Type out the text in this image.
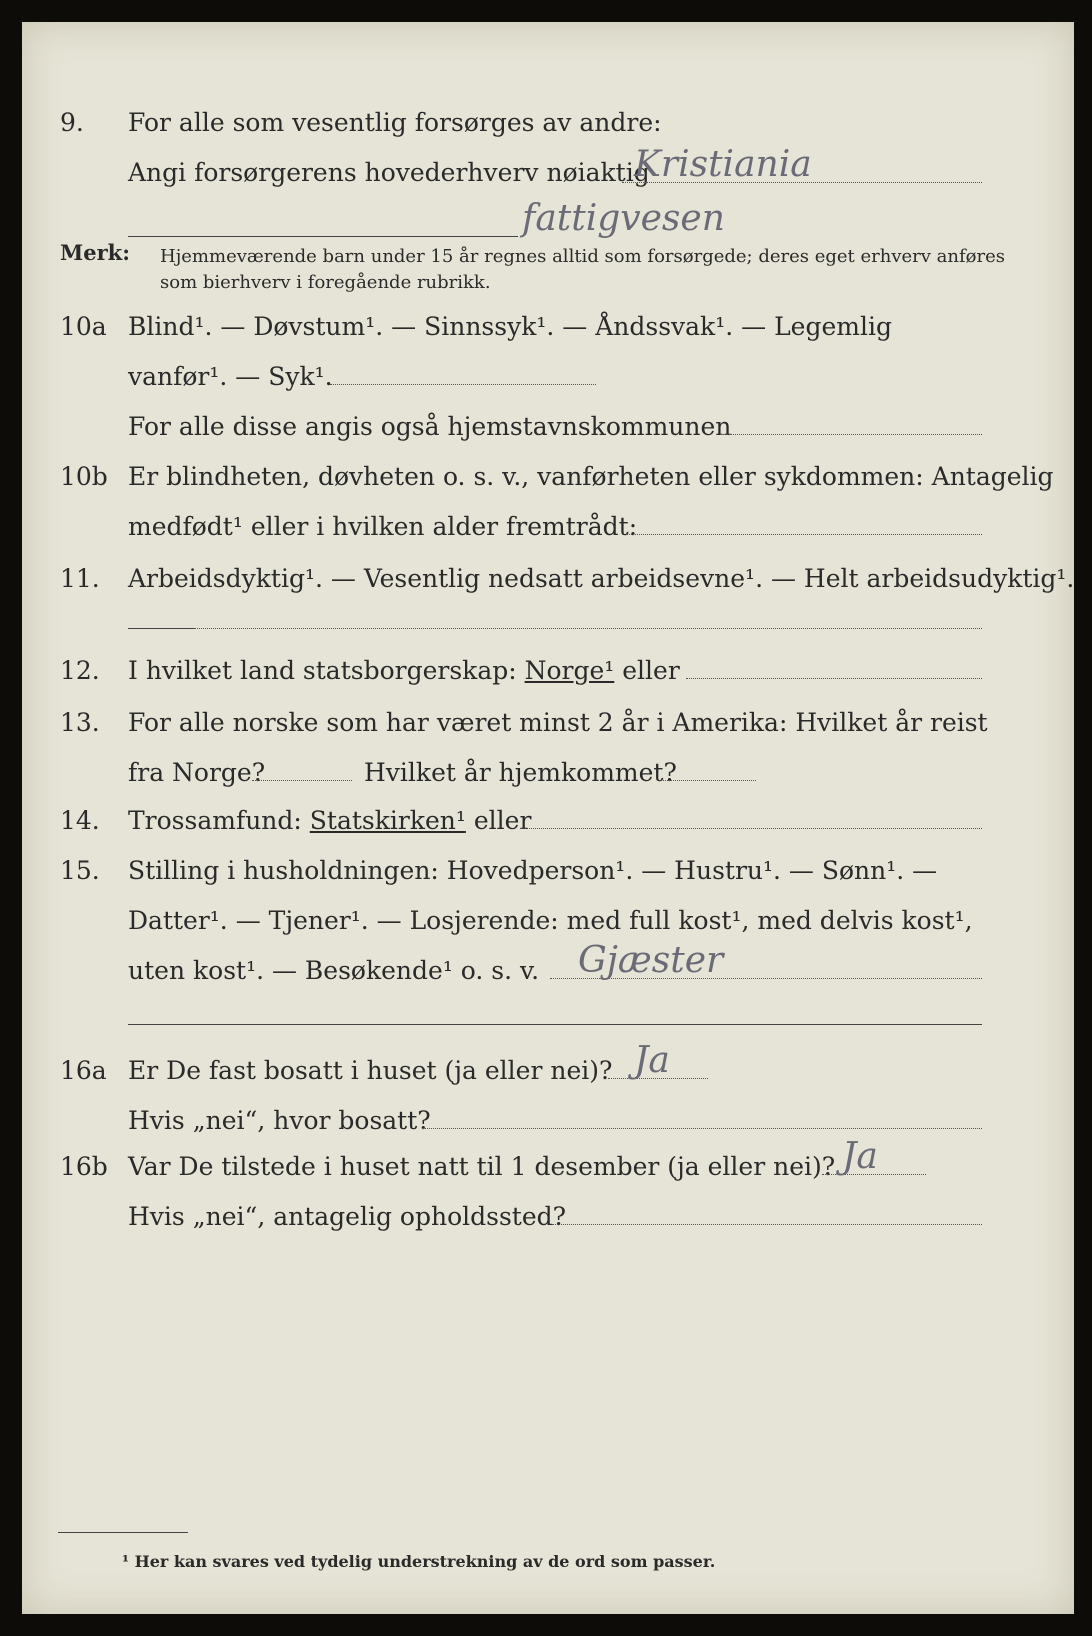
9. For alle som vesentlig forsørges av andre:
Angi forsørgerens hovederhverv nøiaktig
Kristiania
fattigvesen
Merk: Hjemmeværende barn under 15 år regnes alltid som forsørgede; deres eget erhverv anføres som bierhverv i foregående rubrikk.
10a Blind¹. — Døvstum¹. — Sinnssyk¹. — Åndssvak¹. — Legemlig
vanfør¹. — Syk¹.
For alle disse angis også hjemstavnskommunen
10b Er blindheten, døvheten o. s. v., vanførheten eller sykdommen: Antagelig
medfødt¹ eller i hvilken alder fremtrådt:
11. Arbeidsdyktig¹. — Vesentlig nedsatt arbeidsevne¹. — Helt arbeidsudyktig¹.
12. I hvilket land statsborgerskap: Norge¹ eller
13. For alle norske som har været minst 2 år i Amerika: Hvilket år reist
fra Norge?	Hvilket år hjemkommet?
14. Trossamfund: Statskirken¹ eller
15. Stilling i husholdningen: Hovedperson¹. — Hustru¹. — Sønn¹. —
Datter¹. — Tjener¹. — Losjerende: med full kost¹, med delvis kost¹,
uten kost¹. — Besøkende¹ o. s. v.	Gjæster
16a Er De fast bosatt i huset (ja eller nei)? Ja
Hvis „nei“, hvor bosatt?
16b Var De tilstede i huset natt til 1 desember (ja eller nei)? Ja
Hvis „nei“, antagelig opholdssted?
¹ Her kan svares ved tydelig understrekning av de ord som passer.
